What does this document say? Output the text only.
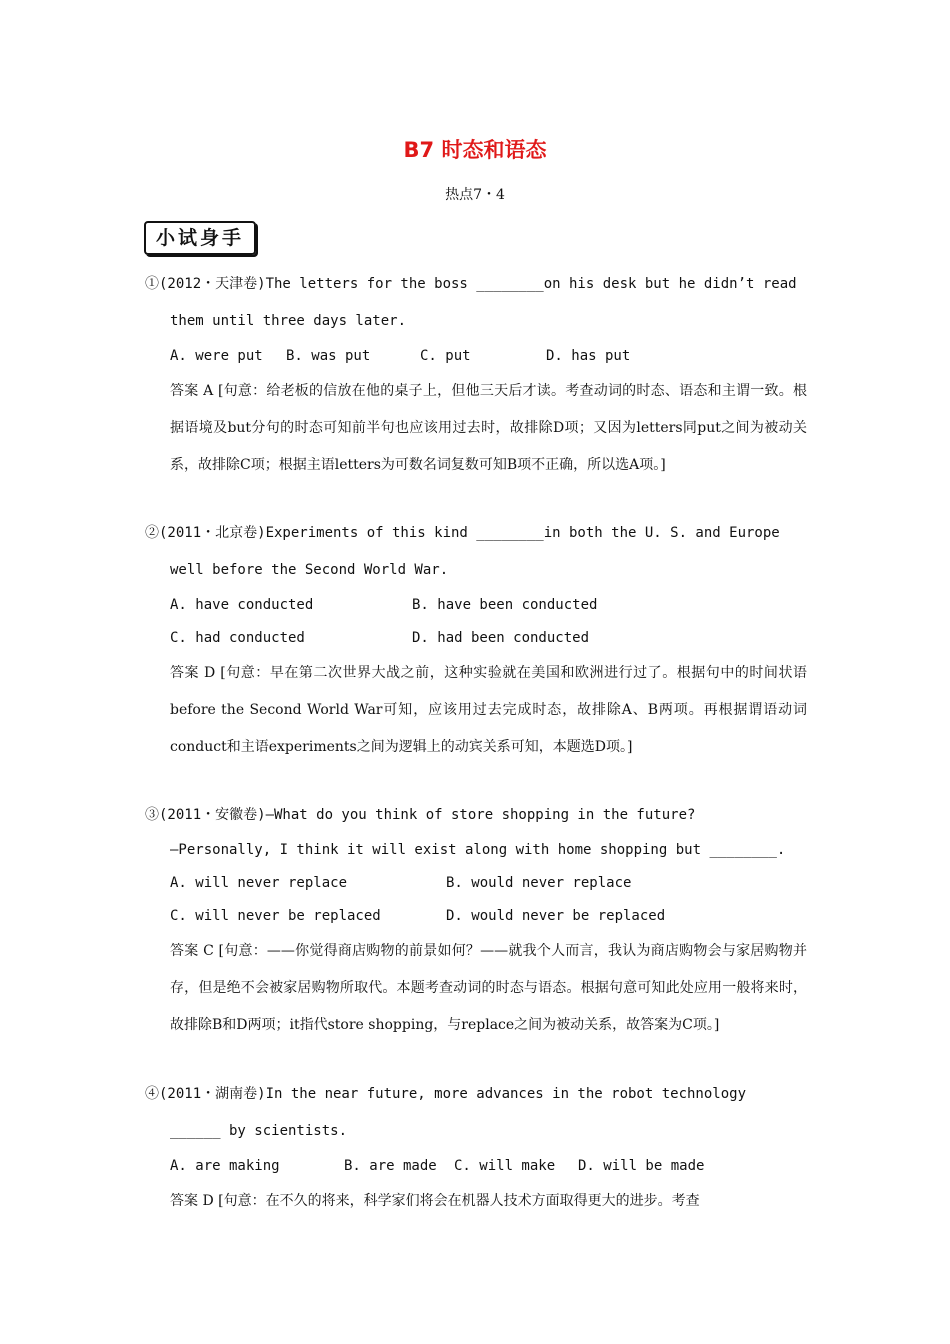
B7 时态和语态
热点7・4
小试身手
①(2012・天津卷)The letters for the boss ________on his desk but he didn’t read
them until three days later.
A. were put B. was put	C. put	D. has put
答案 A [句意：给老板的信放在他的桌子上，但他三天后才读。考查动词的时态、语态和主谓一致。根据语境及but分句的时态可知前半句也应该用过去时，故排除D项；又因为letters同put之间为被动关系，故排除C项；根据主语letters为可数名词复数可知B项不正确，所以选A项。]
②(2011・北京卷)Experiments of this kind ________in both the U. S. and Europe
well before the Second World War.
A. have conducted	B. have been conducted
C. had conducted	D. had been conducted
答案 D [句意：早在第二次世界大战之前，这种实验就在美国和欧洲进行过了。根据句中的时间状语before the Second World War可知，应该用过去完成时态，故排除A、B两项。再根据谓语动词conduct和主语experiments之间为逻辑上的动宾关系可知，本题选D项。]
③(2011・安徽卷)—What do you think of store shopping in the future?
—Personally, I think it will exist along with home shopping but ________.
A. will never replace	B. would never replace
C. will never be replaced	D. would never be replaced
答案 C [句意：——你觉得商店购物的前景如何？——就我个人而言，我认为商店购物会与家居购物并存，但是绝不会被家居购物所取代。本题考查动词的时态与语态。根据句意可知此处应用一般将来时，故排除B和D两项；it指代store shopping，与replace之间为被动关系，故答案为C项。]
④(2011・湖南卷)In the near future, more advances in the robot technology
______ by scientists.
A. are making	B. are made C. will make D. will be made
答案 D [句意：在不久的将来，科学家们将会在机器人技术方面取得更大的进步。考查
